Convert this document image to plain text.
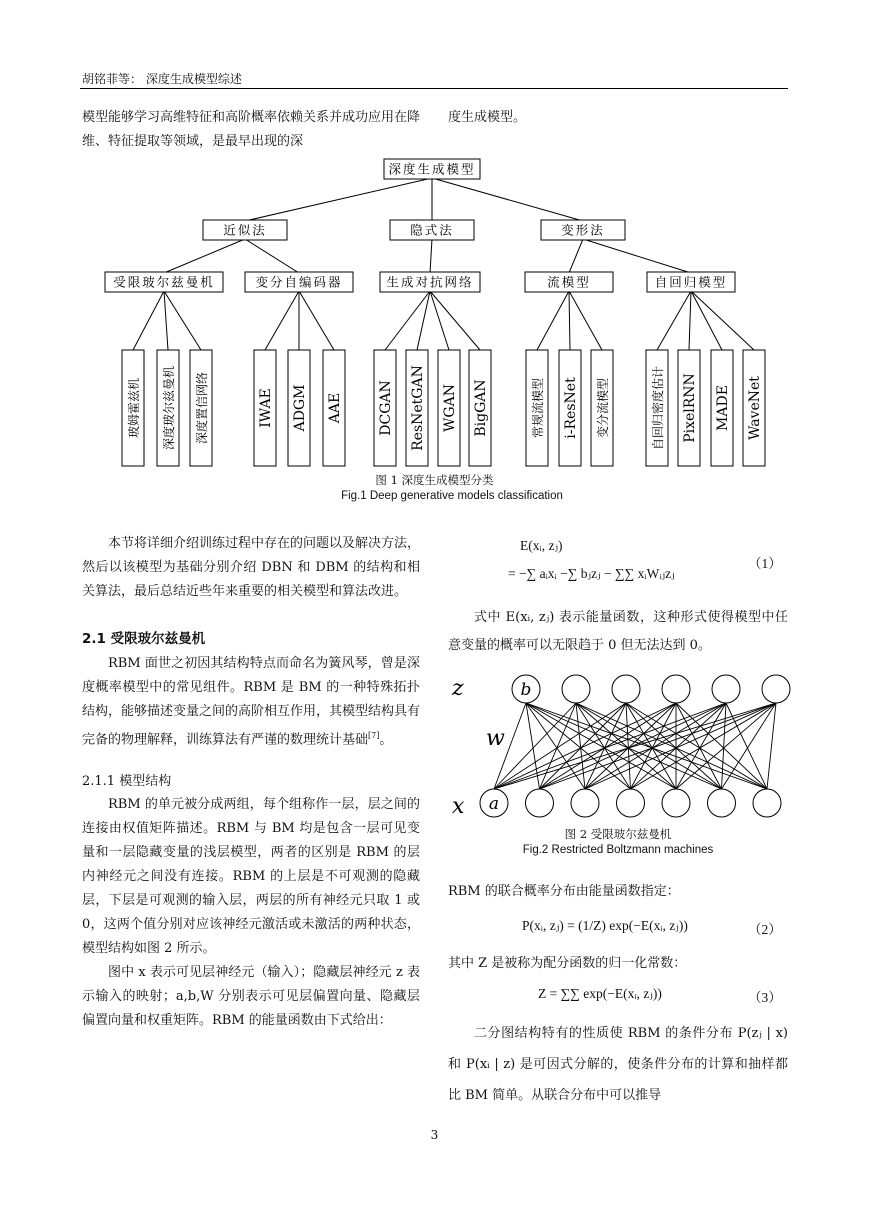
胡铭菲等： 深度生成模型综述
模型能够学习高维特征和高阶概率依赖关系并成功应用在降维、特征提取等领域，是最早出现的深
度生成模型。
深度生成模型
近似法	隐式法	变形法
受限玻尔兹曼机	变分自编码器	生成对抗网络	流模型	自回归模型
玻姆霍兹机 深度玻尔兹曼机 深度置信网络	IWAE ADGM AAE	DCGAN ResNetGAN WGAN BigGAN	常规流模型 i-ResNet 变分流模型	自回归密度估计 PixelRNN MADE WaveNet
图 1 深度生成模型分类
Fig.1 Deep generative models classification
本节将详细介绍训练过程中存在的问题以及解决方法，然后以该模型为基础分别介绍 DBN 和 DBM 的结构和相关算法，最后总结近些年来重要的相关模型和算法改进。
2.1 受限玻尔兹曼机
RBM 面世之初因其结构特点而命名为簧风琴，曾是深度概率模型中的常见组件。RBM 是 BM 的一种特殊拓扑结构，能够描述变量之间的高阶相互作用，其模型结构具有完备的物理解释，训练算法有严谨的数理统计基础[7]。
2.1.1 模型结构
RBM 的单元被分成两组，每个组称作一层，层之间的连接由权值矩阵描述。RBM 与 BM 均是包含一层可见变量和一层隐藏变量的浅层模型，两者的区别是 RBM 的层内神经元之间没有连接。RBM 的上层是不可观测的隐藏层，下层是可观测的输入层，两层的所有神经元只取 1 或 0，这两个值分别对应该神经元激活或未激活的两种状态，模型结构如图 2 所示。
图中 x 表示可见层神经元（输入）；隐藏层神经元 z 表示输入的映射；a,b,W 分别表示可见层偏置向量、隐藏层偏置向量和权重矩阵。RBM 的能量函数由下式给出：
E(xᵢ, zⱼ)
= −∑ aᵢxᵢ −∑ bⱼzⱼ − ∑∑ xᵢWᵢⱼzⱼ
（1）
式中 E(xᵢ, zⱼ) 表示能量函数，这种形式使得模型中任意变量的概率可以无限趋于 0 但无法达到 0。
b
a
z
w
x
图 2 受限玻尔兹曼机
Fig.2 Restricted Boltzmann machines
RBM 的联合概率分布由能量函数指定：
P(xᵢ, zⱼ) = (1/Z) exp(−E(xᵢ, zⱼ))	（2）
其中 Z 是被称为配分函数的归一化常数：
Z = ∑∑ exp(−E(xᵢ, zⱼ))	（3）
二分图结构特有的性质使 RBM 的条件分布 P(zⱼ | x) 和 P(xᵢ | z) 是可因式分解的，使条件分布的计算和抽样都比 BM 简单。从联合分布中可以推导
3
